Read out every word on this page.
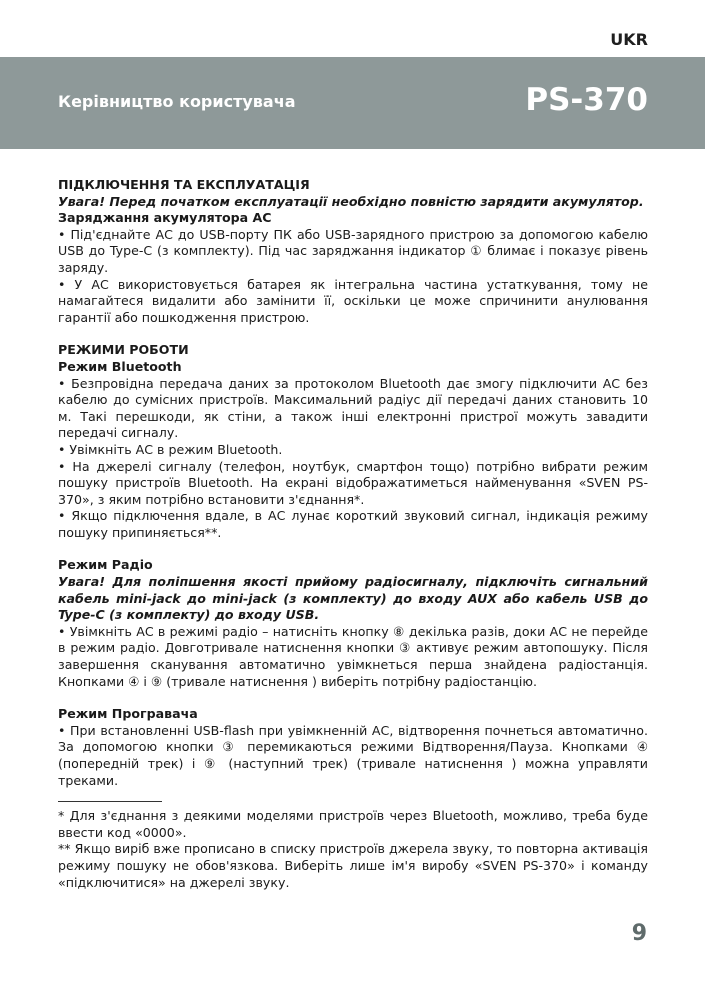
UKR
Керівництво користувача	PS-370

ПІДКЛЮЧЕННЯ ТА ЕКСПЛУАТАЦІЯ

Увага! Перед початком експлуатації необхідно повністю зарядити акумулятор.

Заряджання акумулятора АС

• Під'єднайте АС до USB-порту ПК або USB-зарядного пристрою за допомогою кабелю USB до Type-C (з комплекту). Під час заряджання індикатор ① блимає і показує рівень заряду.

• У АС використовується батарея як інтегральна частина устаткування, тому не намагайтеся видалити або замінити її, оскільки це може спричинити анулювання гарантії або пошкодження пристрою.

РЕЖИМИ РОБОТИ

Режим Bluetooth

• Безпровідна передача даних за протоколом Bluetooth дає змогу підключити АС без кабелю до сумісних пристроїв. Максимальний радіус дії передачі даних становить 10 м. Такі перешкоди, як стіни, а також інші електронні пристрої можуть завадити передачі сигналу.

• Увімкніть АС в режим Bluetooth.

• На джерелі сигналу (телефон, ноутбук, смартфон тощо) потрібно вибрати режим пошуку пристроїв Bluetooth. На екрані відображатиметься найменування «SVEN PS-370», з яким потрібно встановити з'єднання*.

• Якщо підключення вдале, в АС лунає короткий звуковий сигнал, індикація режиму пошуку припиняється**.

Режим Радіо

Увага! Для поліпшення якості прийому радіосигналу, підключіть сигнальний кабель mini-jack до mini-jack (з комплекту) до входу AUX або кабель USB до Type-C (з комплекту) до входу USB.

• Увімкніть АС в режимі радіо – натисніть кнопку ⑧ декілька разів, доки АС не перейде в режим радіо. Довготривале натиснення кнопки ③ активує режим автопошуку. Після завершення сканування автоматично увімкнеться перша знайдена радіостанція. Кнопками ④ і ⑨ (тривале натиснення ) виберіть потрібну радіостанцію.

Режим Програвача

• При встановленні USB-flash при увімкненній АС, відтворення почнеться автоматично. За допомогою кнопки ③ перемикаються режими Відтворення/Пауза. Кнопками ④ (попередній трек) і ⑨ (наступний трек) (тривале натиснення ) можна управляти треками.

* Для з'єднання з деякими моделями пристроїв через Bluetooth, можливо, треба буде ввести код «0000».

** Якщо виріб вже прописано в списку пристроїв джерела звуку, то повторна активація режиму пошуку не обов'язкова. Виберіть лише ім'я виробу «SVEN PS-370» і команду «підключитися» на джерелі звуку.

9
